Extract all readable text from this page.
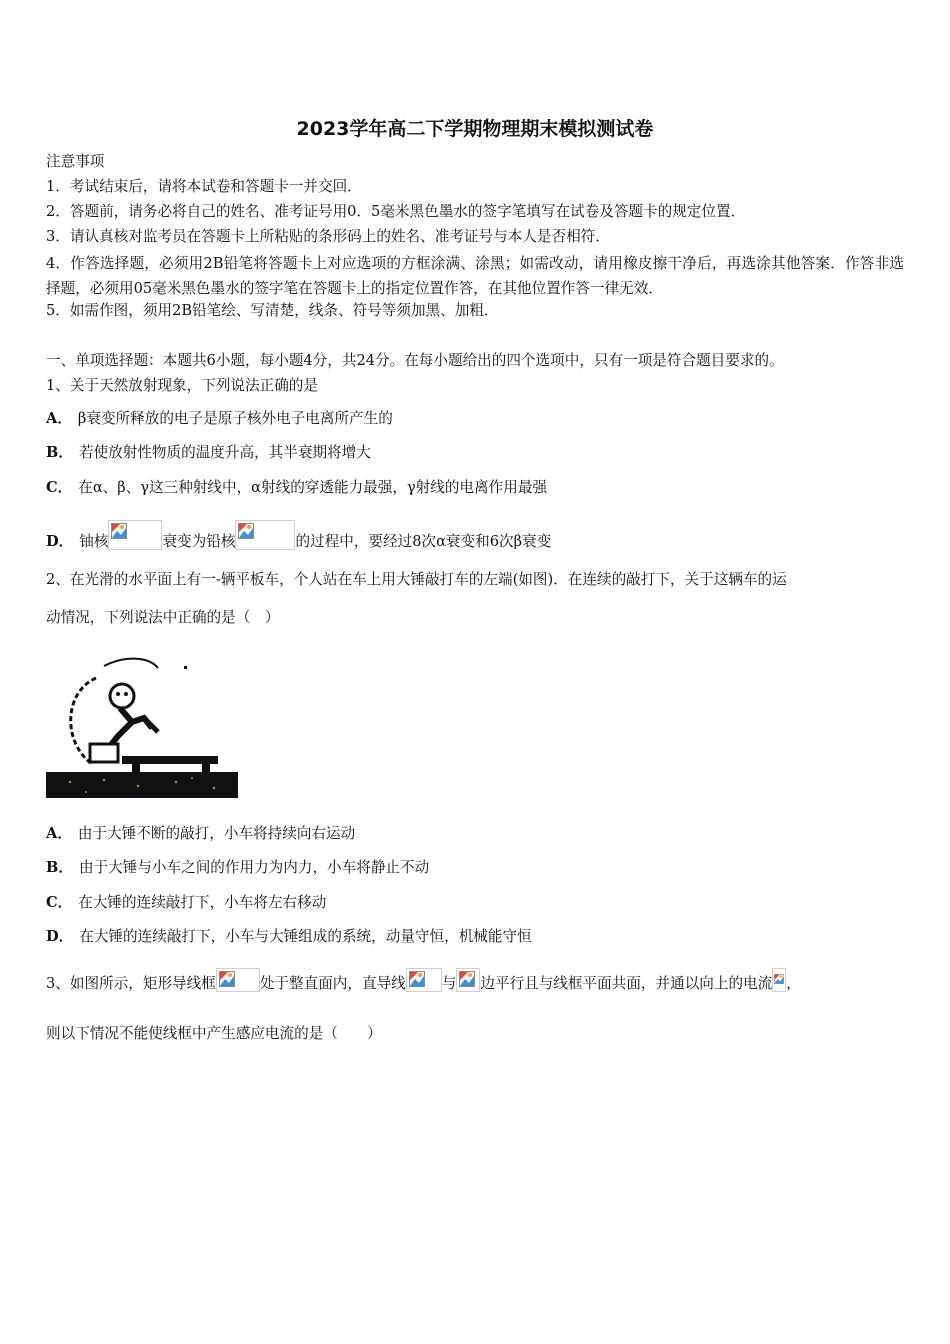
2023学年高二下学期物理期末模拟测试卷
注意事项
1．考试结束后，请将本试卷和答题卡一并交回．
2．答题前，请务必将自己的姓名、准考证号用0．5毫米黑色墨水的签字笔填写在试卷及答题卡的规定位置．
3．请认真核对监考员在答题卡上所粘贴的条形码上的姓名、准考证号与本人是否相符．
4．作答选择题，必须用2B铅笔将答题卡上对应选项的方框涂满、涂黑；如需改动，请用橡皮擦干净后，再选涂其他答案．作答非选择题，必须用05毫米黑色墨水的签字笔在答题卡上的指定位置作答，在其他位置作答一律无效．
5．如需作图，须用2B铅笔绘、写清楚，线条、符号等须加黑、加粗．
一、单项选择题：本题共6小题，每小题4分，共24分。在每小题给出的四个选项中，只有一项是符合题目要求的。
1、关于天然放射现象，下列说法正确的是
A． β衰变所释放的电子是原子核外电子电离所产生的
B． 若使放射性物质的温度升高，其半衰期将增大
C． 在α、β、γ这三种射线中，α射线的穿透能力最强，γ射线的电离作用最强
D． 铀核	衰变为铅核	的过程中，要经过8次α衰变和6次β衰变
2、在光滑的水平面上有一-辆平板车，个人站在车上用大锤敲打车的左端(如图)．在连续的敲打下，关于这辆车的运
动情况，下列说法中正确的是（　）
A． 由于大锤不断的敲打，小车将持续向右运动
B． 由于大锤与小车之间的作用力为内力，小车将静止不动
C． 在大锤的连续敲打下，小车将左右移动
D． 在大锤的连续敲打下，小车与大锤组成的系统，动量守恒，机械能守恒
3、如图所示，矩形导线框	处于整直面内，直导线 与 边平行且与线框平面共面，并通以向上的电流 ，
则以下情况不能使线框中产生感应电流的是（　　）
